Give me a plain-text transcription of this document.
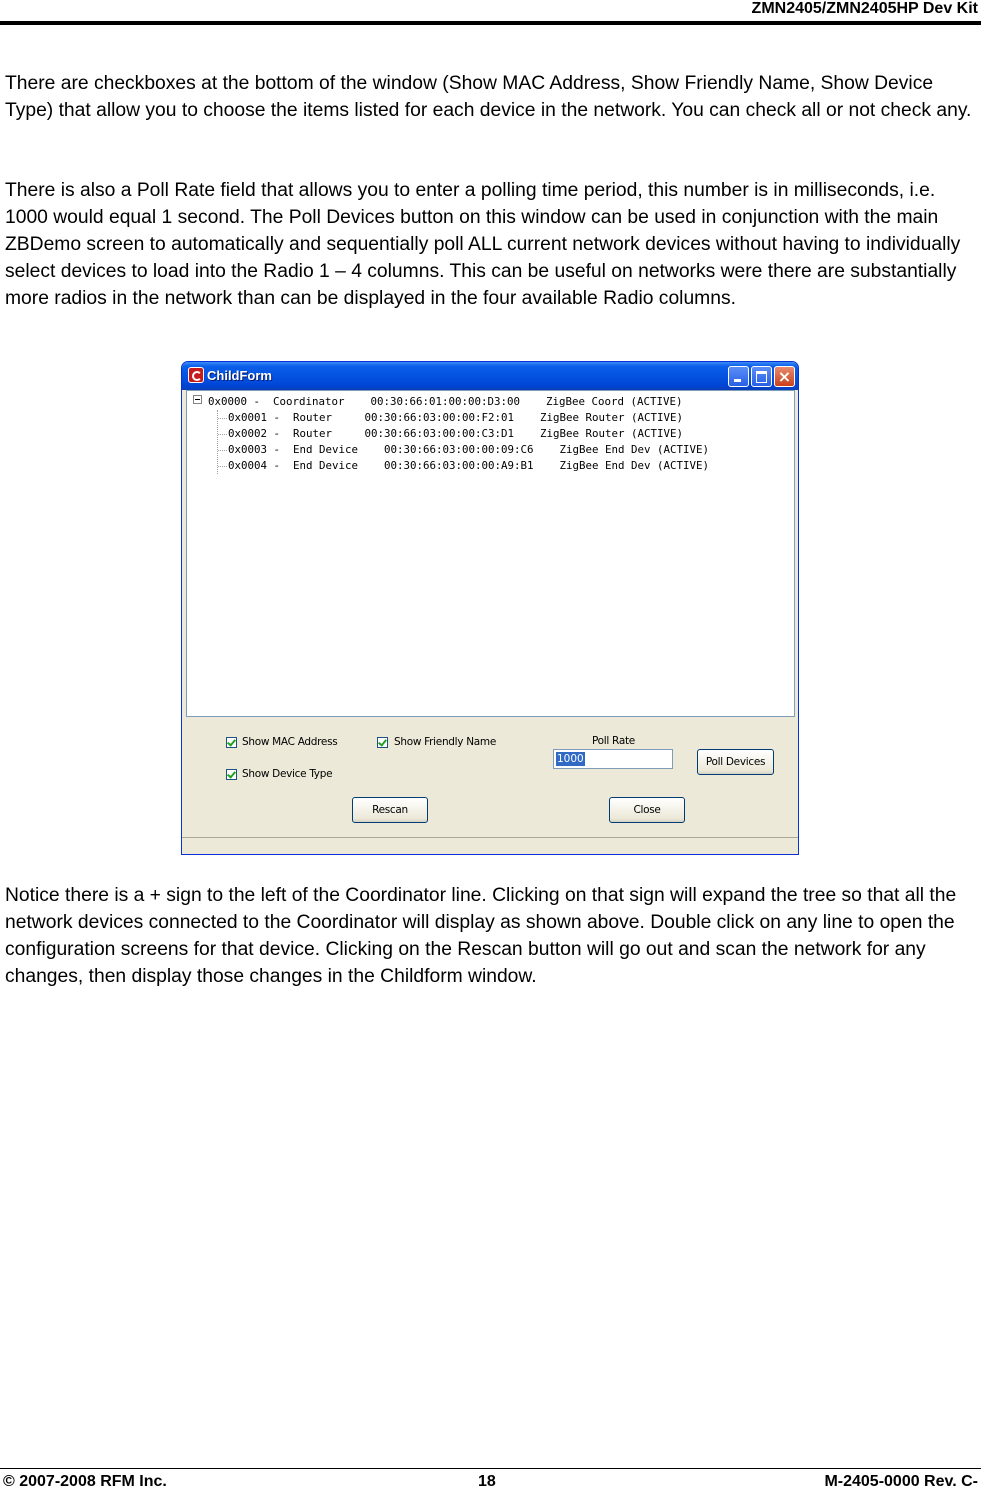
ZMN2405/ZMN2405HP Dev Kit

There are checkboxes at the bottom of the window (Show MAC Address, Show Friendly Name, Show Device Type) that allow you to choose the items listed for each device in the network. You can check all or not check any.

There is also a Poll Rate field that allows you to enter a polling time period, this number is in milliseconds, i.e. 1000 would equal 1 second. The Poll Devices button on this window can be used in conjunction with the main ZBDemo screen to automatically and sequentially poll ALL current network devices without having to individually select devices to load into the Radio 1 – 4 columns. This can be useful on networks were there are substantially more radios in the network than can be displayed in the four available Radio columns.

ChildForm	×
0x0000 -  Coordinator    00:30:66:01:00:00:D3:00    ZigBee Coord (ACTIVE)
0x0001 -  Router     00:30:66:03:00:00:F2:01    ZigBee Router (ACTIVE)
0x0002 -  Router     00:30:66:03:00:00:C3:D1    ZigBee Router (ACTIVE)
0x0003 -  End Device    00:30:66:03:00:00:09:C6    ZigBee End Dev (ACTIVE)
0x0004 -  End Device    00:30:66:03:00:00:A9:B1    ZigBee End Dev (ACTIVE)
Show MAC Address	Show Friendly Name
Show Device Type
Poll Rate
1000	Poll Devices
Rescan	Close

Notice there is a + sign to the left of the Coordinator line. Clicking on that sign will expand the tree so that all the network devices connected to the Coordinator will display as shown above. Double click on any line to open the configuration screens for that device. Clicking on the Rescan button will go out and scan the network for any changes, then display those changes in the Childform window.

© 2007-2008 RFM Inc.	18	M-2405-0000 Rev. C-
